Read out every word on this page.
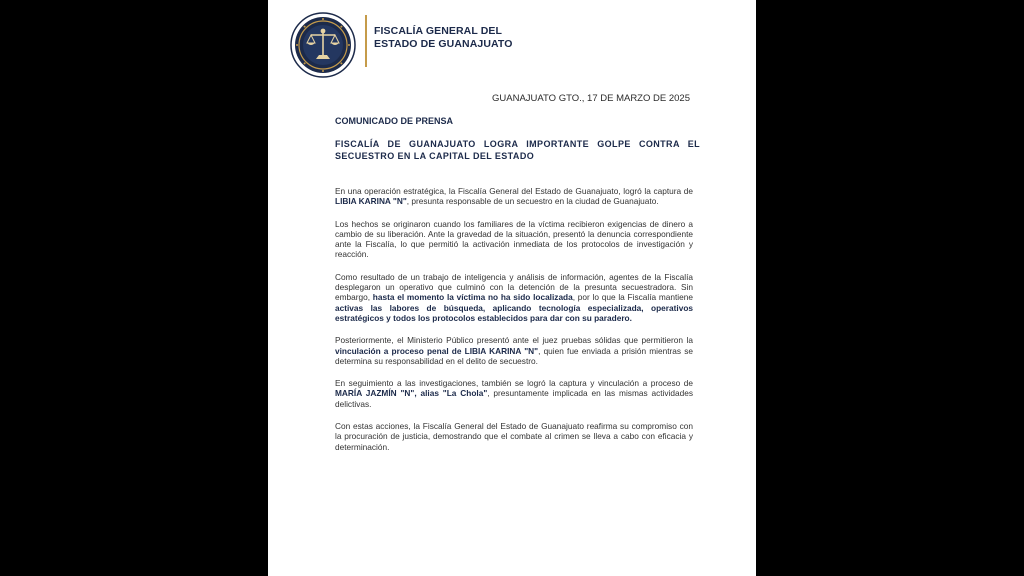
FISCALÍA GENERAL DEL
ESTADO DE GUANAJUATO
GUANAJUATO GTO., 17 DE MARZO DE 2025
COMUNICADO DE PRENSA
FISCALÍA DE GUANAJUATO LOGRA IMPORTANTE GOLPE CONTRA EL SECUESTRO EN LA CAPITAL DEL ESTADO

En una operación estratégica, la Fiscalía General del Estado de Guanajuato, logró la captura de LIBIA KARINA "N", presunta responsable de un secuestro en la ciudad de Guanajuato.

Los hechos se originaron cuando los familiares de la víctima recibieron exigencias de dinero a cambio de su liberación. Ante la gravedad de la situación, presentó la denuncia correspondiente ante la Fiscalía, lo que permitió la activación inmediata de los protocolos de investigación y reacción.

Como resultado de un trabajo de inteligencia y análisis de información, agentes de la Fiscalía desplegaron un operativo que culminó con la detención de la presunta secuestradora. Sin embargo, hasta el momento la víctima no ha sido localizada, por lo que la Fiscalía mantiene activas las labores de búsqueda, aplicando tecnología especializada, operativos estratégicos y todos los protocolos establecidos para dar con su paradero.

Posteriormente, el Ministerio Público presentó ante el juez pruebas sólidas que permitieron la vinculación a proceso penal de LIBIA KARINA "N", quien fue enviada a prisión mientras se determina su responsabilidad en el delito de secuestro.

En seguimiento a las investigaciones, también se logró la captura y vinculación a proceso de MARÍA JAZMÍN "N", alias "La Chola", presuntamente implicada en las mismas actividades delictivas.

Con estas acciones, la Fiscalía General del Estado de Guanajuato reafirma su compromiso con la procuración de justicia, demostrando que el combate al crimen se lleva a cabo con eficacia y determinación.
